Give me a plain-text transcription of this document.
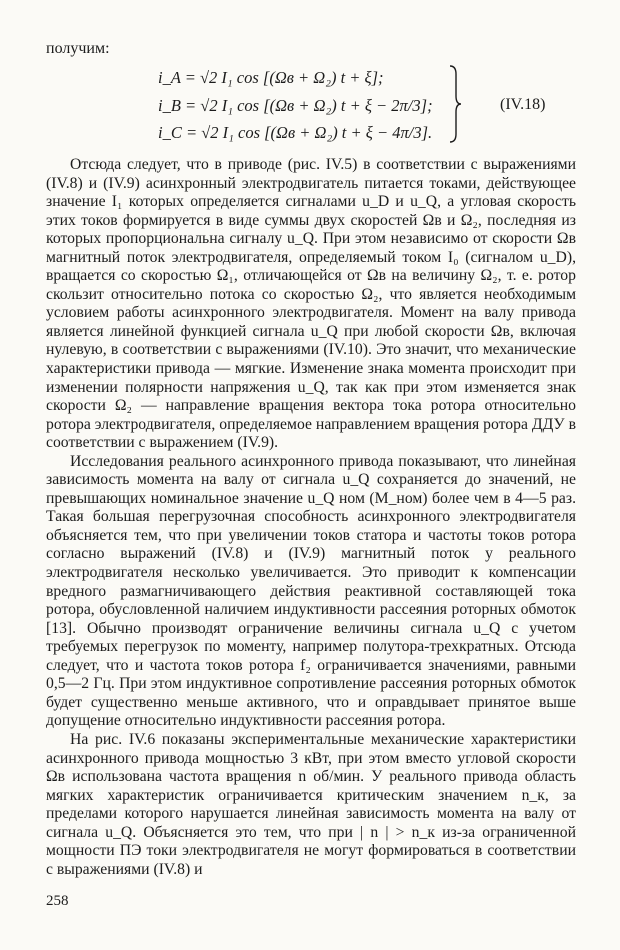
получим:
i_A = √2 I₁ cos [(Ωв + Ω₂) t + ξ];
i_B = √2 I₁ cos [(Ωв + Ω₂) t + ξ − 2π/3];
i_C = √2 I₁ cos [(Ωв + Ω₂) t + ξ − 4π/3].
(IV.18)

Отсюда следует, что в приводе (рис. IV.5) в соответствии с выражениями (IV.8) и (IV.9) асинхронный электродвигатель питается токами, действующее значение I₁ которых определяется сигналами u_D и u_Q, а угловая скорость этих токов формируется в виде суммы двух скоростей Ωв и Ω₂, последняя из которых пропорциональна сигналу u_Q. При этом независимо от скорости Ωв магнитный поток электродвигателя, определяемый током I₀ (сигналом u_D), вращается со скоростью Ω₁, отличающейся от Ωв на величину Ω₂, т. е. ротор скользит относительно потока со скоростью Ω₂, что является необходимым условием работы асинхронного электродвигателя. Момент на валу привода является линейной функцией сигнала u_Q при любой скорости Ωв, включая нулевую, в соответствии с выражениями (IV.10). Это значит, что механические характеристики привода — мягкие. Изменение знака момента происходит при изменении полярности напряжения u_Q, так как при этом изменяется знак скорости Ω₂ — направление вращения вектора тока ротора относительно ротора электродвигателя, определяемое направлением вращения ротора ДДУ в соответствии с выражением (IV.9).

Исследования реального асинхронного привода показывают, что линейная зависимость момента на валу от сигнала u_Q сохраняется до значений, не превышающих номинальное значение u_Q ном (M_ном) более чем в 4—5 раз. Такая большая перегрузочная способность асинхронного электродвигателя объясняется тем, что при увеличении токов статора и частоты токов ротора согласно выражений (IV.8) и (IV.9) магнитный поток у реального электродвигателя несколько увеличивается. Это приводит к компенсации вредного размагничивающего действия реактивной составляющей тока ротора, обусловленной наличием индуктивности рассеяния роторных обмоток [13]. Обычно производят ограничение величины сигнала u_Q с учетом требуемых перегрузок по моменту, например полутора-трехкратных. Отсюда следует, что и частота токов ротора f₂ ограничивается значениями, равными 0,5—2 Гц. При этом индуктивное сопротивление рассеяния роторных обмоток будет существенно меньше активного, что и оправдывает принятое выше допущение относительно индуктивности рассеяния ротора.

На рис. IV.6 показаны экспериментальные механические характеристики асинхронного привода мощностью 3 кВт, при этом вместо угловой скорости Ωв использована частота вращения n об/мин. У реального привода область мягких характеристик ограничивается критическим значением n_к, за пределами которого нарушается линейная зависимость момента на валу от сигнала u_Q. Объясняется это тем, что при | n | > n_к из-за ограниченной мощности ПЭ токи электродвигателя не могут формироваться в соответствии с выражениями (IV.8) и

258
